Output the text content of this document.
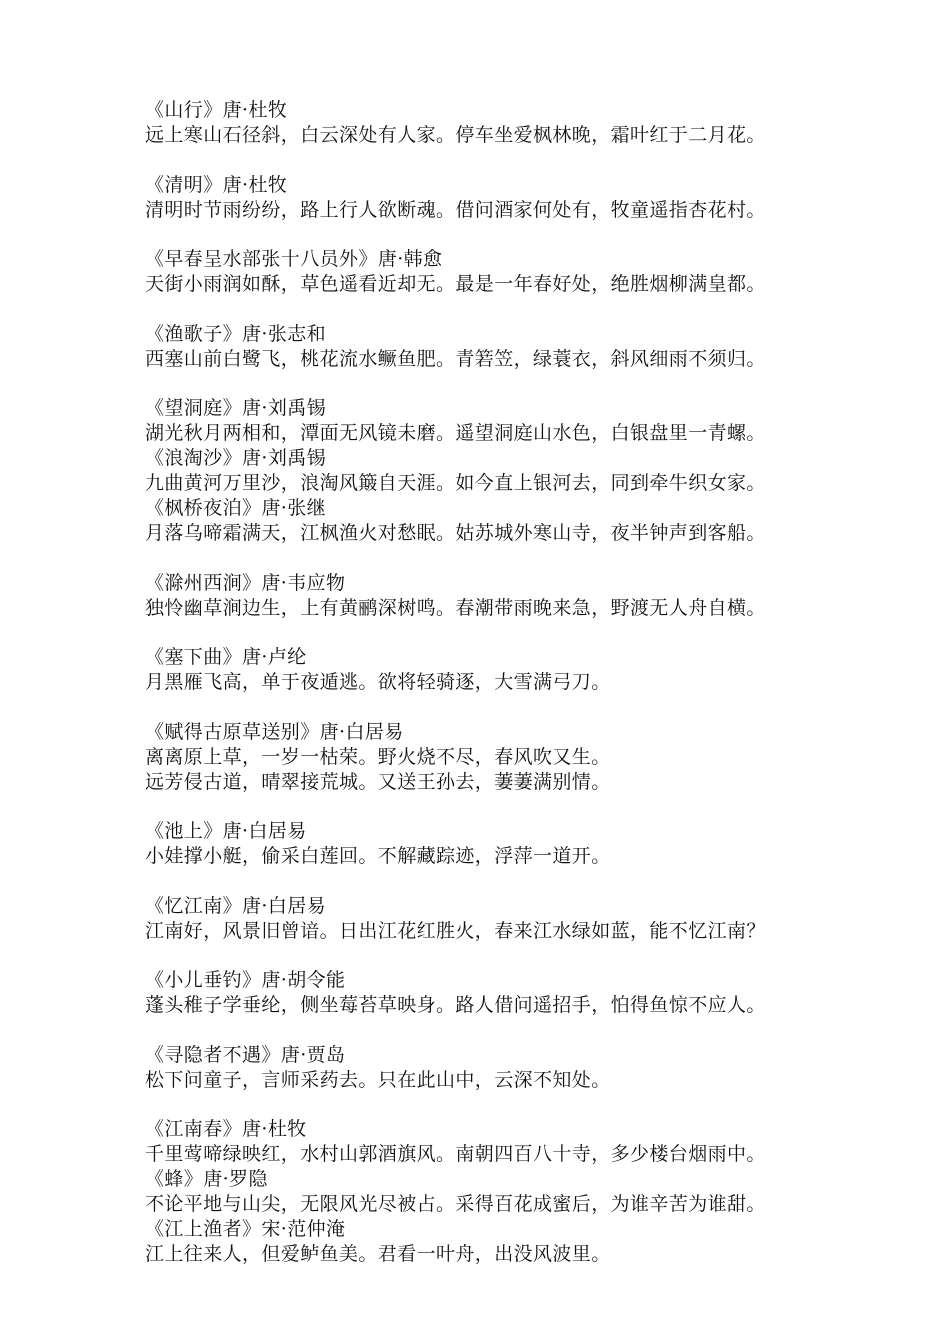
《山行》唐·杜牧
远上寒山石径斜，白云深处有人家。停车坐爱枫林晚，霜叶红于二月花。
《清明》唐·杜牧
清明时节雨纷纷，路上行人欲断魂。借问酒家何处有，牧童遥指杏花村。
《早春呈水部张十八员外》唐·韩愈
天街小雨润如酥，草色遥看近却无。最是一年春好处，绝胜烟柳满皇都。
《渔歌子》唐·张志和
西塞山前白鹭飞，桃花流水鳜鱼肥。青箬笠，绿蓑衣，斜风细雨不须归。
《望洞庭》唐·刘禹锡
湖光秋月两相和，潭面无风镜未磨。遥望洞庭山水色，白银盘里一青螺。
《浪淘沙》唐·刘禹锡
九曲黄河万里沙，浪淘风簸自天涯。如今直上银河去，同到牵牛织女家。
《枫桥夜泊》唐·张继
月落乌啼霜满天，江枫渔火对愁眠。姑苏城外寒山寺，夜半钟声到客船。
《滁州西涧》唐·韦应物
独怜幽草涧边生，上有黄鹂深树鸣。春潮带雨晚来急，野渡无人舟自横。
《塞下曲》唐·卢纶
月黑雁飞高，单于夜遁逃。欲将轻骑逐，大雪满弓刀。
《赋得古原草送别》唐·白居易
离离原上草，一岁一枯荣。野火烧不尽，春风吹又生。
远芳侵古道，晴翠接荒城。又送王孙去，萋萋满别情。
《池上》唐·白居易
小娃撑小艇，偷采白莲回。不解藏踪迹，浮萍一道开。
《忆江南》唐·白居易
江南好，风景旧曾谙。日出江花红胜火，春来江水绿如蓝，能不忆江南？
《小儿垂钓》唐·胡令能
蓬头稚子学垂纶，侧坐莓苔草映身。路人借问遥招手，怕得鱼惊不应人。
《寻隐者不遇》唐·贾岛
松下问童子，言师采药去。只在此山中，云深不知处。
《江南春》唐·杜牧
千里莺啼绿映红，水村山郭酒旗风。南朝四百八十寺，多少楼台烟雨中。
《蜂》唐·罗隐
不论平地与山尖，无限风光尽被占。采得百花成蜜后，为谁辛苦为谁甜。
《江上渔者》宋·范仲淹
江上往来人，但爱鲈鱼美。君看一叶舟，出没风波里。
